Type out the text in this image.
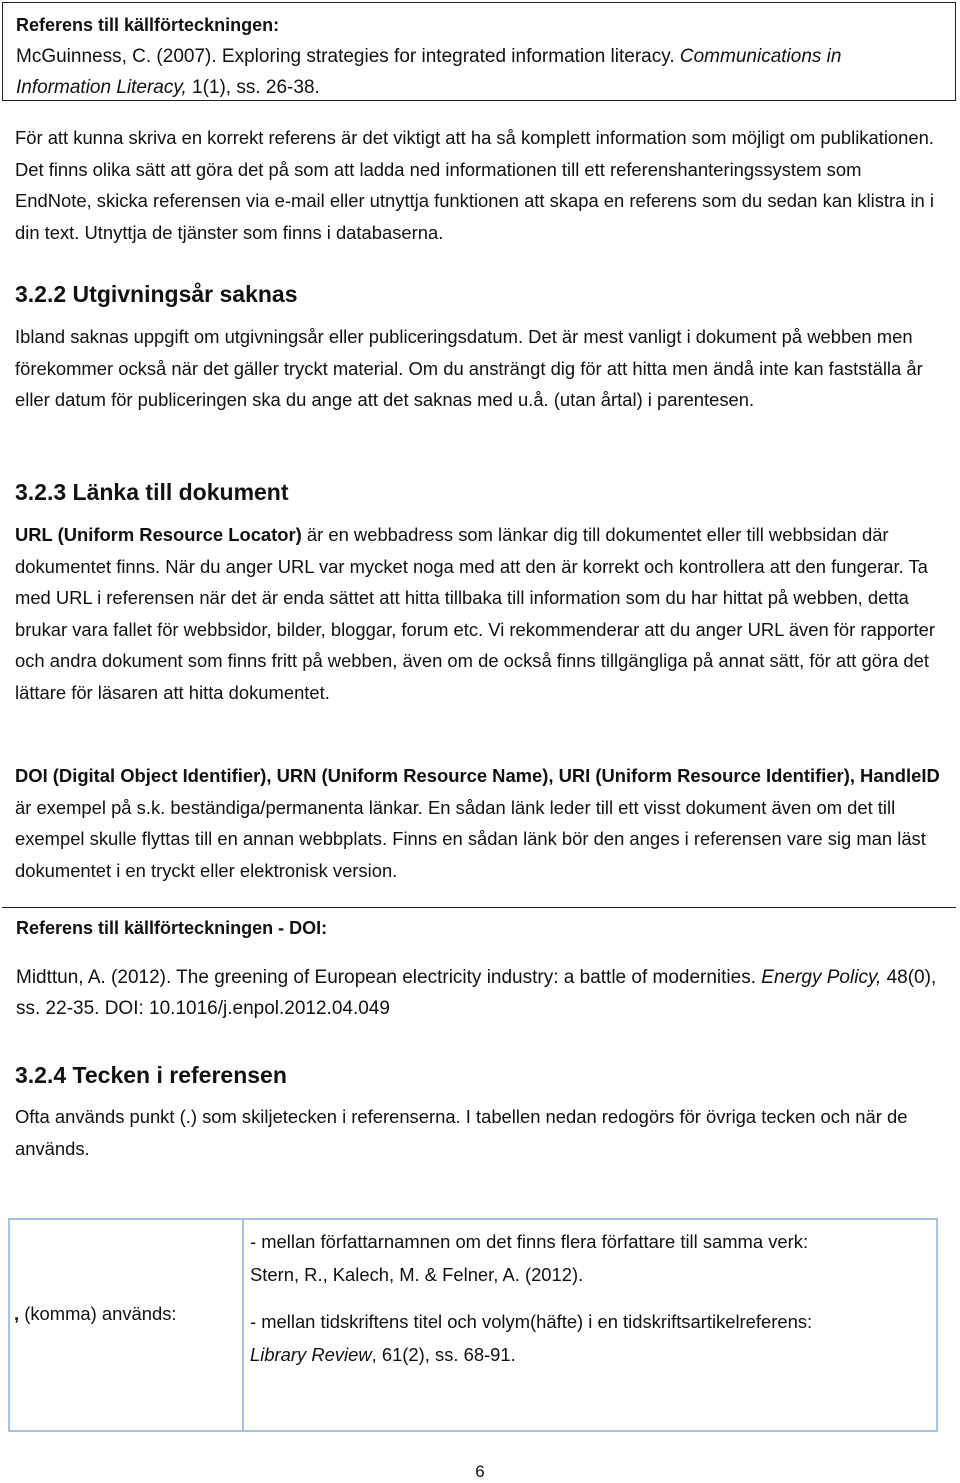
Referens till källförteckningen:
McGuinness, C. (2007). Exploring strategies for integrated information literacy. Communications in
Information Literacy, 1(1), ss. 26-38.

För att kunna skriva en korrekt referens är det viktigt att ha så komplett information som möjligt om publikationen. Det finns olika sätt att göra det på som att ladda ned informationen till ett referenshanteringssystem som EndNote, skicka referensen via e-mail eller utnyttja funktionen att skapa en referens som du sedan kan klistra in i din text. Utnyttja de tjänster som finns i databaserna.

3.2.2 Utgivningsår saknas

Ibland saknas uppgift om utgivningsår eller publiceringsdatum. Det är mest vanligt i dokument på webben men förekommer också när det gäller tryckt material. Om du ansträngt dig för att hitta men ändå inte kan fastställa år eller datum för publiceringen ska du ange att det saknas med u.å. (utan årtal) i parentesen.

3.2.3 Länka till dokument

URL (Uniform Resource Locator) är en webbadress som länkar dig till dokumentet eller till webbsidan där dokumentet finns. När du anger URL var mycket noga med att den är korrekt och kontrollera att den fungerar. Ta med URL i referensen när det är enda sättet att hitta tillbaka till information som du har hittat på webben, detta brukar vara fallet för webbsidor, bilder, bloggar, forum etc. Vi rekommenderar att du anger URL även för rapporter och andra dokument som finns fritt på webben, även om de också finns tillgängliga på annat sätt, för att göra det lättare för läsaren att hitta dokumentet.

DOI (Digital Object Identifier), URN (Uniform Resource Name), URI (Uniform Resource Identifier), HandleID är exempel på s.k. beständiga/permanenta länkar. En sådan länk leder till ett visst dokument även om det till exempel skulle flyttas till en annan webbplats. Finns en sådan länk bör den anges i referensen vare sig man läst dokumentet i en tryckt eller elektronisk version.

Referens till källförteckningen - DOI:
Midttun, A. (2012). The greening of European electricity industry: a battle of modernities. Energy Policy, 48(0), ss. 22-35. DOI: 10.1016/j.enpol.2012.04.049
3.2.4 Tecken i referensen

Ofta används punkt (.) som skiljetecken i referenserna. I tabellen nedan redogörs för övriga tecken och när de används.

, (komma) används:

- mellan författarnamnen om det finns flera författare till samma verk:
Stern, R., Kalech, M. & Felner, A. (2012).

- mellan tidskriftens titel och volym(häfte) i en tidskriftsartikelreferens:
Library Review, 61(2), ss. 68-91.

6
